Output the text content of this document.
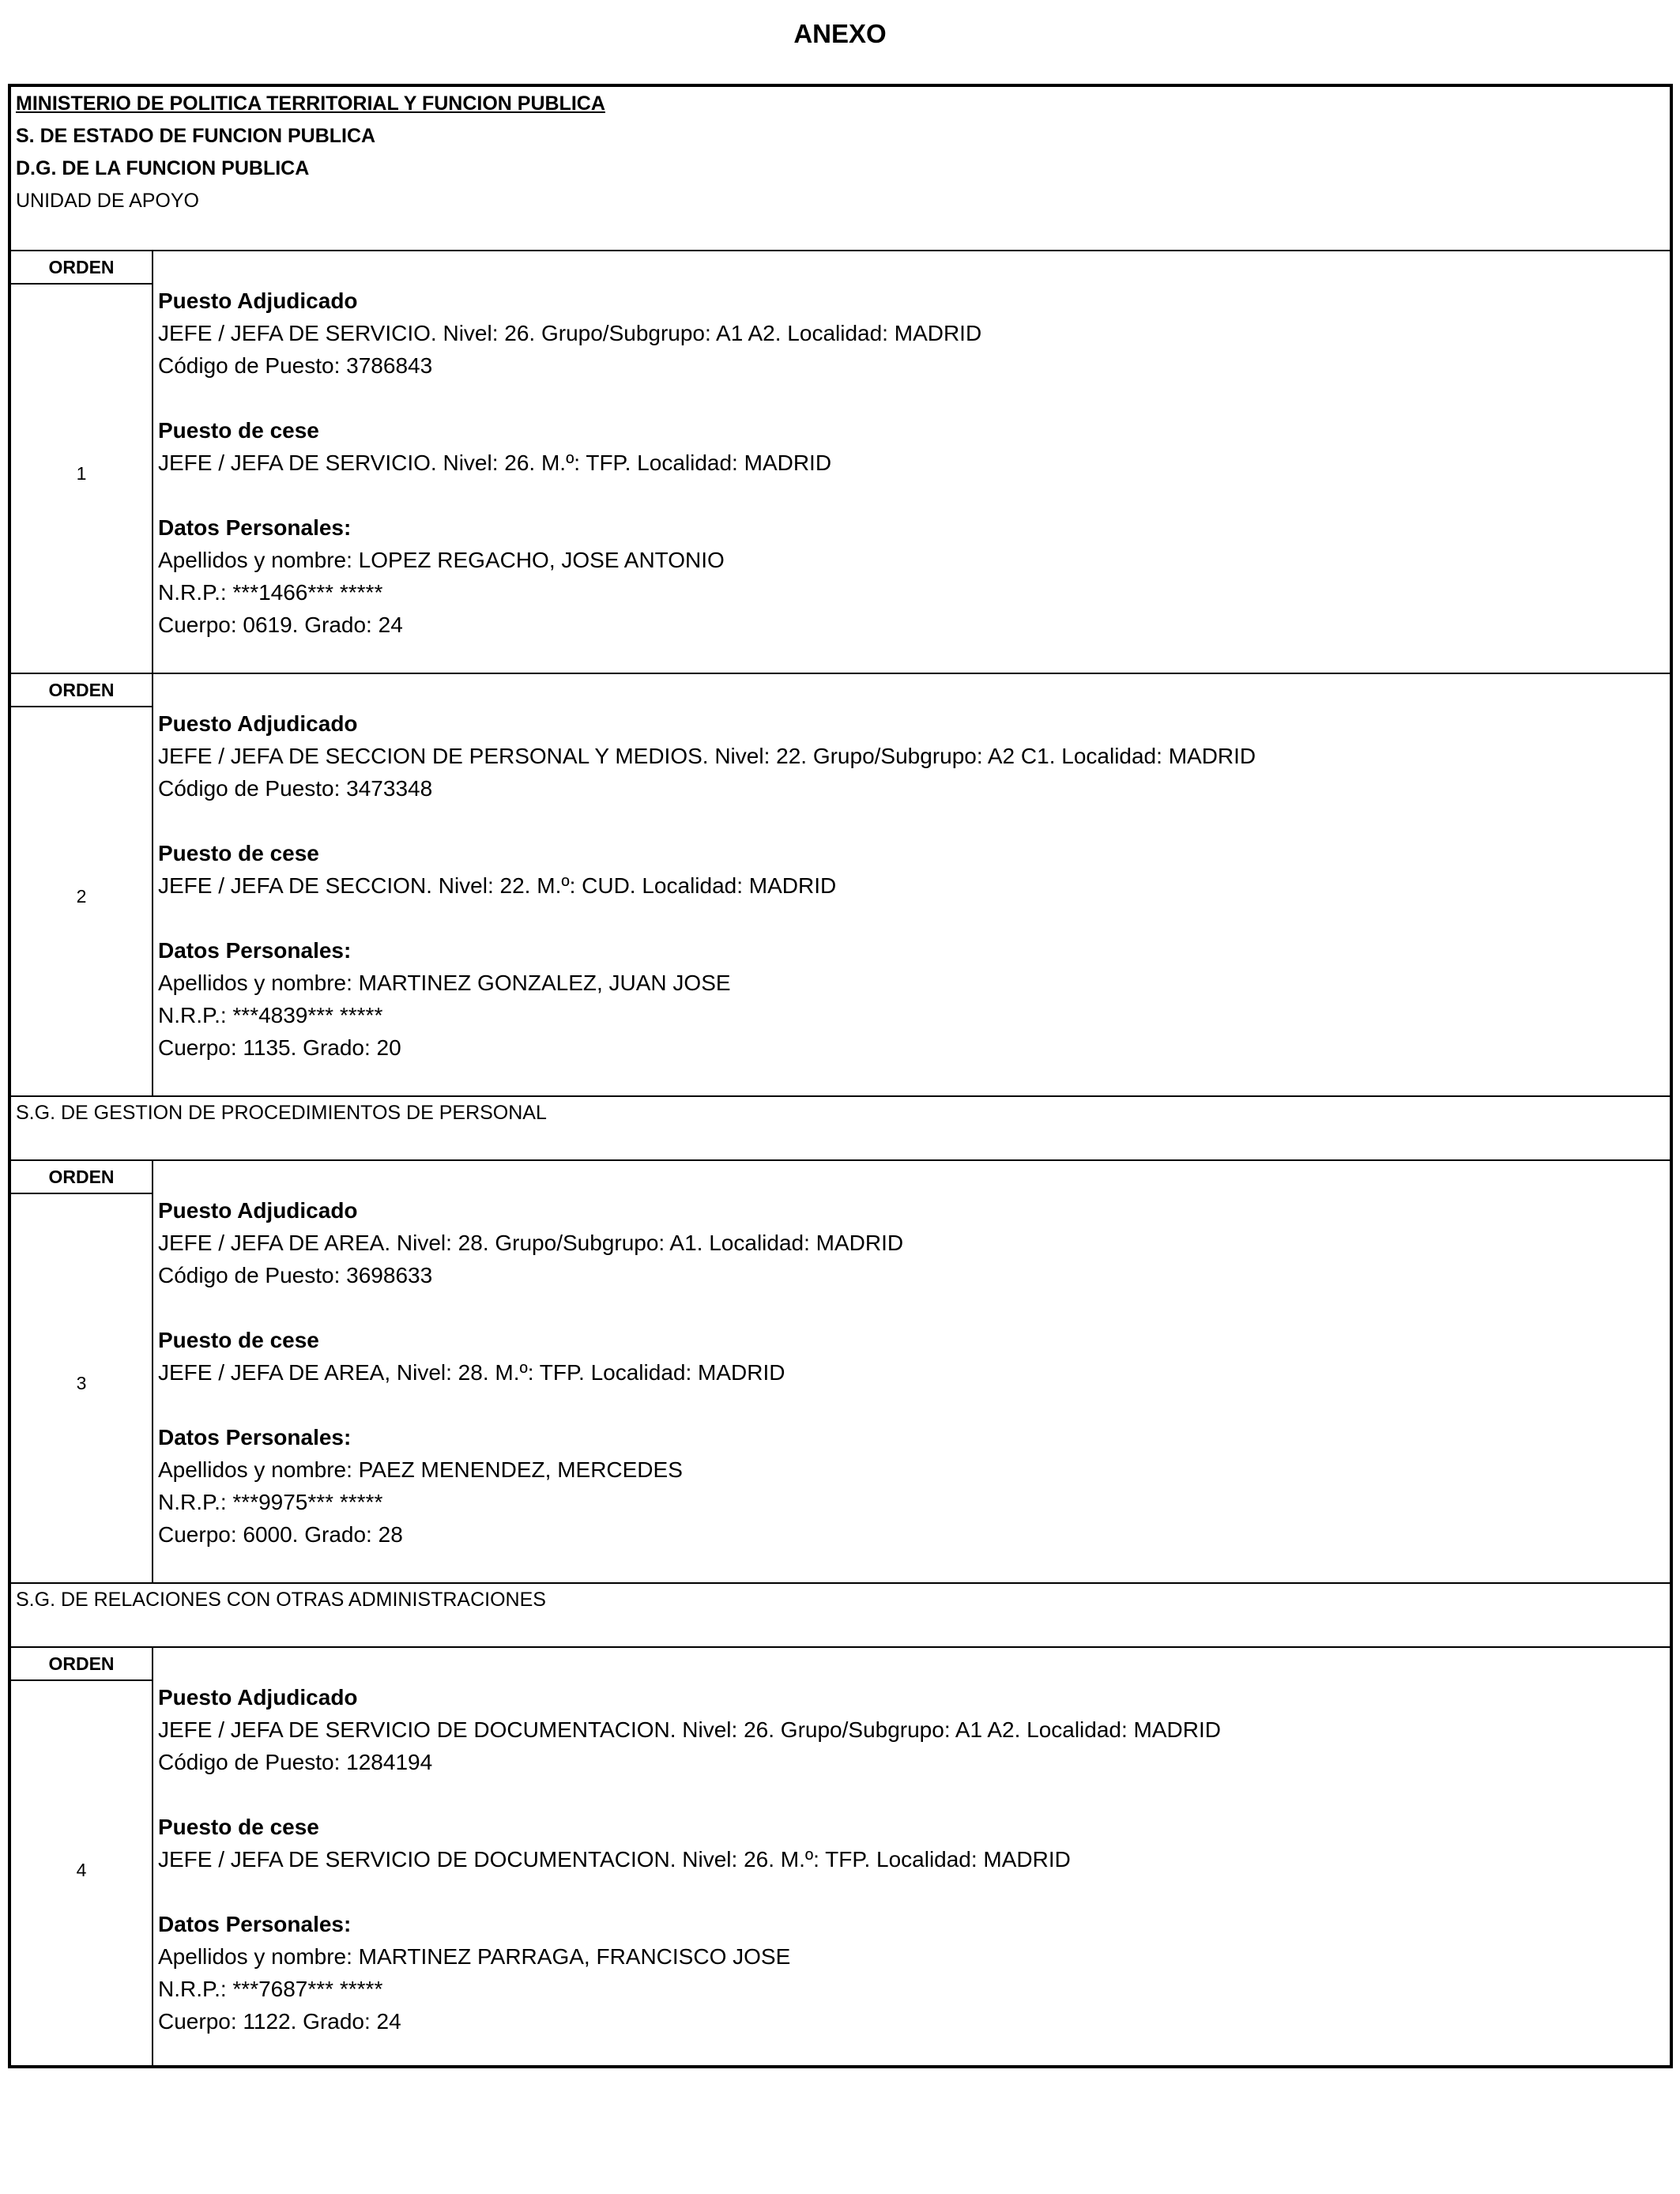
ANEXO
MINISTERIO DE POLITICA TERRITORIAL Y FUNCION PUBLICA
S. DE ESTADO DE FUNCION PUBLICA
D.G. DE LA FUNCION PUBLICA
UNIDAD DE APOYO
ORDEN
1
Puesto Adjudicado
JEFE / JEFA DE SERVICIO. Nivel: 26. Grupo/Subgrupo: A1 A2. Localidad: MADRID
Código de Puesto: 3786843
Puesto de cese
JEFE / JEFA DE SERVICIO. Nivel: 26. M.º: TFP. Localidad: MADRID
Datos Personales:
Apellidos y nombre: LOPEZ REGACHO, JOSE ANTONIO
N.R.P.: ***1466*** *****
Cuerpo: 0619. Grado: 24
ORDEN
2
Puesto Adjudicado
JEFE / JEFA DE SECCION DE PERSONAL Y MEDIOS. Nivel: 22. Grupo/Subgrupo: A2 C1. Localidad: MADRID
Código de Puesto: 3473348
Puesto de cese
JEFE / JEFA DE SECCION. Nivel: 22. M.º: CUD. Localidad: MADRID
Datos Personales:
Apellidos y nombre: MARTINEZ GONZALEZ, JUAN JOSE
N.R.P.: ***4839*** *****
Cuerpo: 1135. Grado: 20
S.G. DE GESTION DE PROCEDIMIENTOS DE PERSONAL
ORDEN
3
Puesto Adjudicado
JEFE / JEFA DE AREA. Nivel: 28. Grupo/Subgrupo: A1. Localidad: MADRID
Código de Puesto: 3698633
Puesto de cese
JEFE / JEFA DE AREA, Nivel: 28. M.º: TFP. Localidad: MADRID
Datos Personales:
Apellidos y nombre: PAEZ MENENDEZ, MERCEDES
N.R.P.: ***9975*** *****
Cuerpo: 6000. Grado: 28
S.G. DE RELACIONES CON OTRAS ADMINISTRACIONES
ORDEN
4
Puesto Adjudicado
JEFE / JEFA DE SERVICIO DE DOCUMENTACION. Nivel: 26. Grupo/Subgrupo: A1 A2. Localidad: MADRID
Código de Puesto: 1284194
Puesto de cese
JEFE / JEFA DE SERVICIO DE DOCUMENTACION. Nivel: 26. M.º: TFP. Localidad: MADRID
Datos Personales:
Apellidos y nombre: MARTINEZ PARRAGA, FRANCISCO JOSE
N.R.P.: ***7687*** *****
Cuerpo: 1122. Grado: 24
